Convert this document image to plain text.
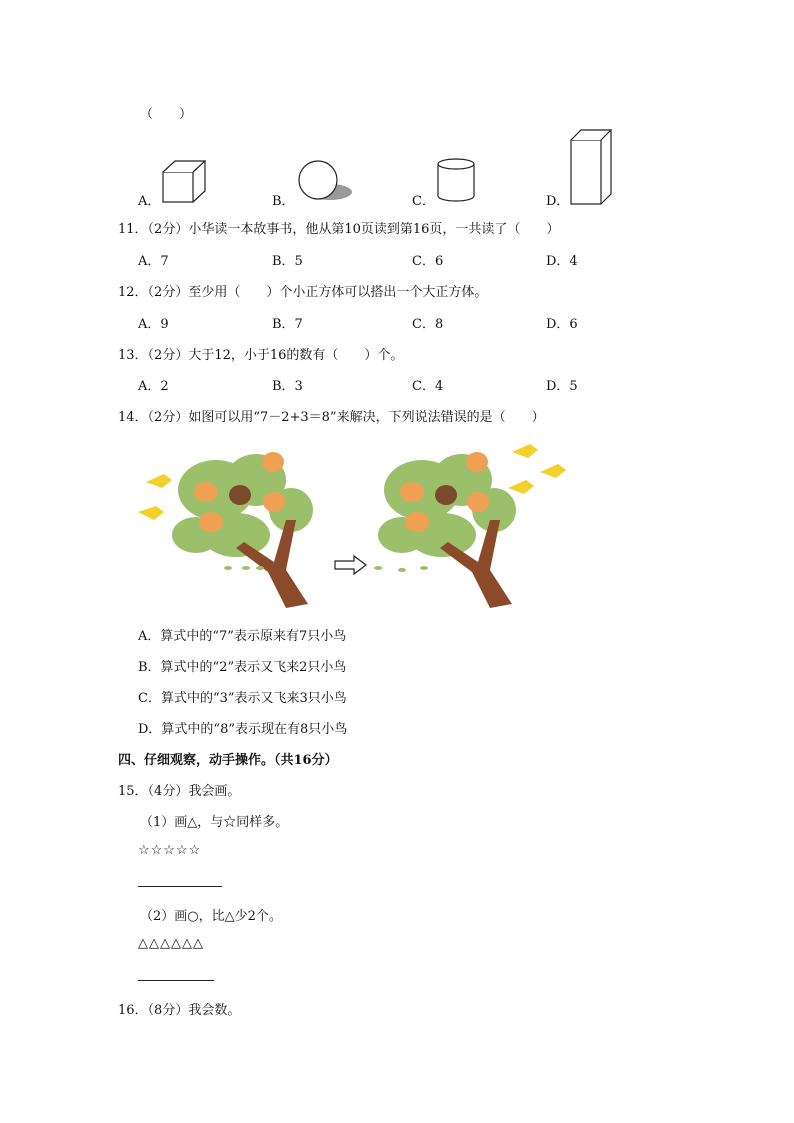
（　　）
A．	B．	C．	D．
11．（2分）小华读一本故事书，他从第10页读到第16页，一共读了（　　）
A．7	B．5	C．6	D．4
12．（2分）至少用（　　）个小正方体可以搭出一个大正方体。
A．9	B．7	C．8	D．6
13．（2分）大于12，小于16的数有（　　）个。
A．2	B．3	C．4	D．5
14．（2分）如图可以用“7－2+3＝8”来解决，下列说法错误的是（　　）
A．算式中的“7”表示原来有7只小鸟
B．算式中的“2”表示又飞来2只小鸟
C．算式中的“3”表示又飞来3只小鸟
D．算式中的“8”表示现在有8只小鸟
四、仔细观察，动手操作。（共16分）
15．（4分）我会画。
（1）画△，与☆同样多。
☆☆☆☆☆
（2）画○，比△少2个。
△△△△△△
16．（8分）我会数。
